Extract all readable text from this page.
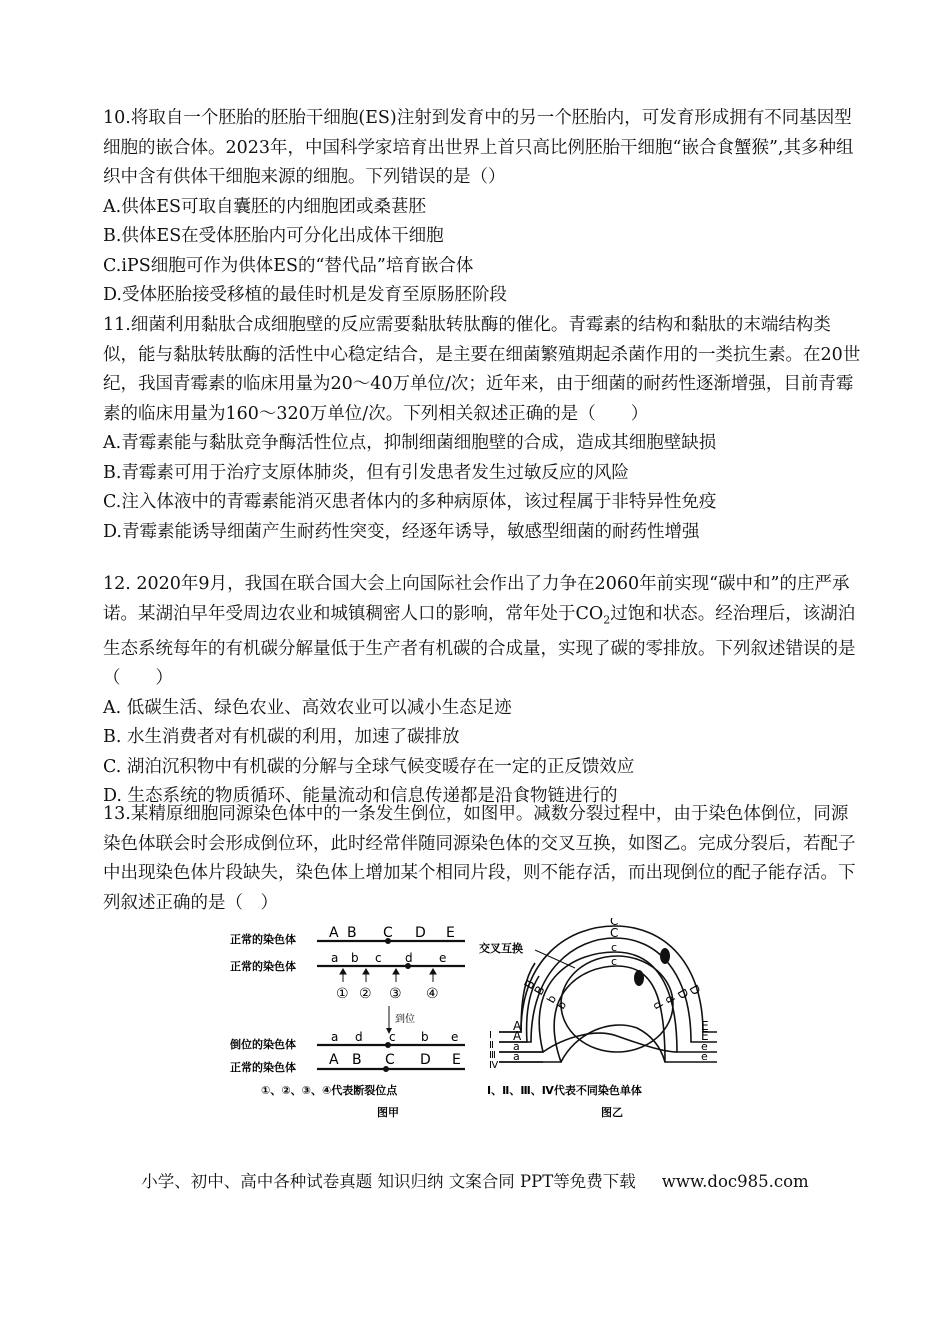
10.将取自一个胚胎的胚胎干细胞(ES)注射到发育中的另一个胚胎内，可发育形成拥有不同基因型细胞的嵌合体。2023年，中国科学家培育出世界上首只高比例胚胎干细胞“嵌合食蟹猴”,其多种组织中含有供体干细胞来源的细胞。下列错误的是（）

A.供体ES可取自囊胚的内细胞团或桑葚胚

B.供体ES在受体胚胎内可分化出成体干细胞

C.iPS细胞可作为供体ES的“替代品”培育嵌合体

D.受体胚胎接受移植的最佳时机是发育至原肠胚阶段

11.细菌利用黏肽合成细胞壁的反应需要黏肽转肽酶的催化。青霉素的结构和黏肽的末端结构类似，能与黏肽转肽酶的活性中心稳定结合，是主要在细菌繁殖期起杀菌作用的一类抗生素。在20世纪，我国青霉素的临床用量为20～40万单位/次；近年来，由于细菌的耐药性逐渐增强，目前青霉素的临床用量为160～320万单位/次。下列相关叙述正确的是（　　）

A.青霉素能与黏肽竞争酶活性位点，抑制细菌细胞壁的合成，造成其细胞壁缺损

B.青霉素可用于治疗支原体肺炎，但有引发患者发生过敏反应的风险

C.注入体液中的青霉素能消灭患者体内的多种病原体，该过程属于非特异性免疫

D.青霉素能诱导细菌产生耐药性突变，经逐年诱导，敏感型细菌的耐药性增强

12. 2020年9月，我国在联合国大会上向国际社会作出了力争在2060年前实现“碳中和”的庄严承诺。某湖泊早年受周边农业和城镇稠密人口的影响，常年处于$CO_2$过饱和状态。经治理后，该湖泊生态系统每年的有机碳分解量低于生产者有机碳的合成量，实现了碳的零排放。下列叙述错误的是（　　）

A. 低碳生活、绿色农业、高效农业可以减小生态足迹

B. 水生消费者对有机碳的利用，加速了碳排放

C. 湖泊沉积物中有机碳的分解与全球气候变暖存在一定的正反馈效应

D. 生态系统的物质循环、能量流动和信息传递都是沿食物链进行的

13.某精原细胞同源染色体中的一条发生倒位，如图甲。减数分裂过程中，由于染色体倒位，同源染色体联会时会形成倒位环，此时经常伴随同源染色体的交叉互换，如图乙。完成分裂后，若配子中出现染色体片段缺失，染色体上增加某个相同片段，则不能存活，而出现倒位的配子能存活。下列叙述正确的是（　）

正常的染色体 A B C D E
正常的染色体
a b c d e
① ② ③ ④
到位
倒位的染色体
a d c b e
正常的染色体 A B C D E
①、②、③、④代表断裂位点
图甲
交叉互换
Ⅰ
Ⅱ
Ⅲ
Ⅳ
A
A
a
a
E
E
e
e
B
B
b
b
C
C
c
c
D
D
d
d
Ⅰ、Ⅱ、Ⅲ、Ⅳ代表不同染色单体
图乙
小学、初中、高中各种试卷真题 知识归纳 文案合同 PPT等免费下载 www.doc985.com
